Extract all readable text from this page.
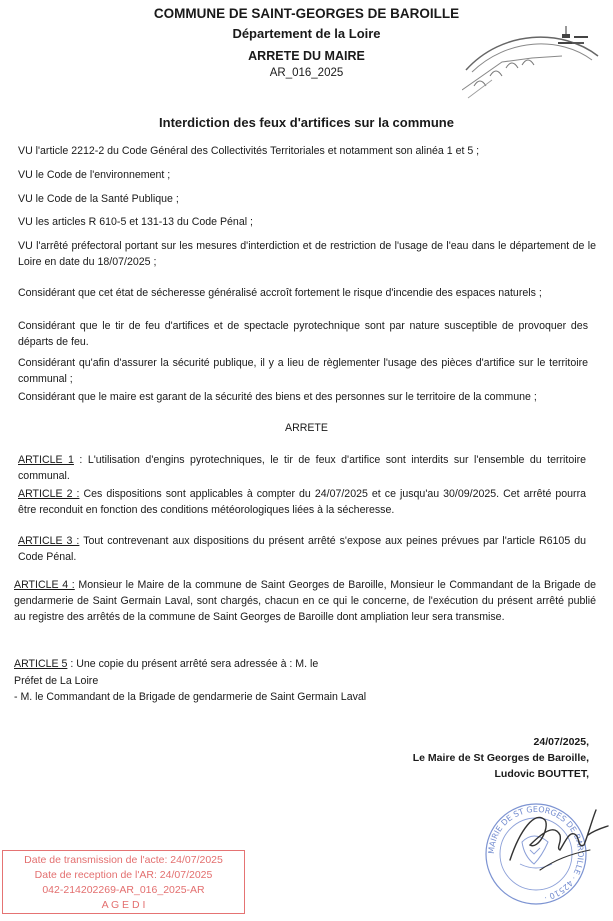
COMMUNE DE SAINT-GEORGES DE BAROILLE
Département de la Loire
ARRETE DU MAIRE
AR_016_2025
Interdiction des feux d'artifices sur la commune
VU l'article 2212-2 du Code Général des Collectivités Territoriales et notamment son alinéa 1 et 5 ;
VU le Code de l'environnement ;
VU le Code de la Santé Publique ;
VU les articles R 610-5 et 131-13 du Code Pénal ;
VU l'arrêté préfectoral portant sur les mesures d'interdiction et de restriction de l'usage de l'eau dans le département de le Loire en date du 18/07/2025 ;
Considérant que cet état de sécheresse généralisé accroît fortement le risque d'incendie des espaces naturels ;
Considérant que le tir de feu d'artifices et de spectacle pyrotechnique sont par nature susceptible de provoquer des départs de feu.
Considérant qu'afin d'assurer la sécurité publique, il y a lieu de règlementer l'usage des pièces d'artifice sur le territoire communal ;
Considérant que le maire est garant de la sécurité des biens et des personnes sur le territoire de la commune ;
ARRETE
ARTICLE 1 : L'utilisation d'engins pyrotechniques, le tir de feux d'artifice sont interdits sur l'ensemble du territoire communal.
ARTICLE 2 : Ces dispositions sont applicables à compter du 24/07/2025 et ce jusqu'au 30/09/2025. Cet arrêté pourra être reconduit en fonction des conditions météorologiques liées à la sécheresse.
ARTICLE 3 : Tout contrevenant aux dispositions du présent arrêté s'expose aux peines prévues par l'article R6105 du Code Pénal.
ARTICLE 4 : Monsieur le Maire de la commune de Saint Georges de Baroille, Monsieur le Commandant de la Brigade de gendarmerie de Saint Germain Laval, sont chargés, chacun en ce qui le concerne, de l'exécution du présent arrêté publié au registre des arrêtés de la commune de Saint Georges de Baroille dont ampliation leur sera transmise.
ARTICLE 5 : Une copie du présent arrêté sera adressée à : M. le
Préfet de La Loire
- M. le Commandant de la Brigade de gendarmerie de Saint Germain Laval
24/07/2025,
Le Maire de St Georges de Baroille,
Ludovic BOUTTET,
MAIRIE DE ST GEORGES DE BAROILLE · 42510 ·
Date de transmission de l'acte: 24/07/2025
Date de reception de l'AR: 24/07/2025
042-214202269-AR_016_2025-AR
A G E D I
